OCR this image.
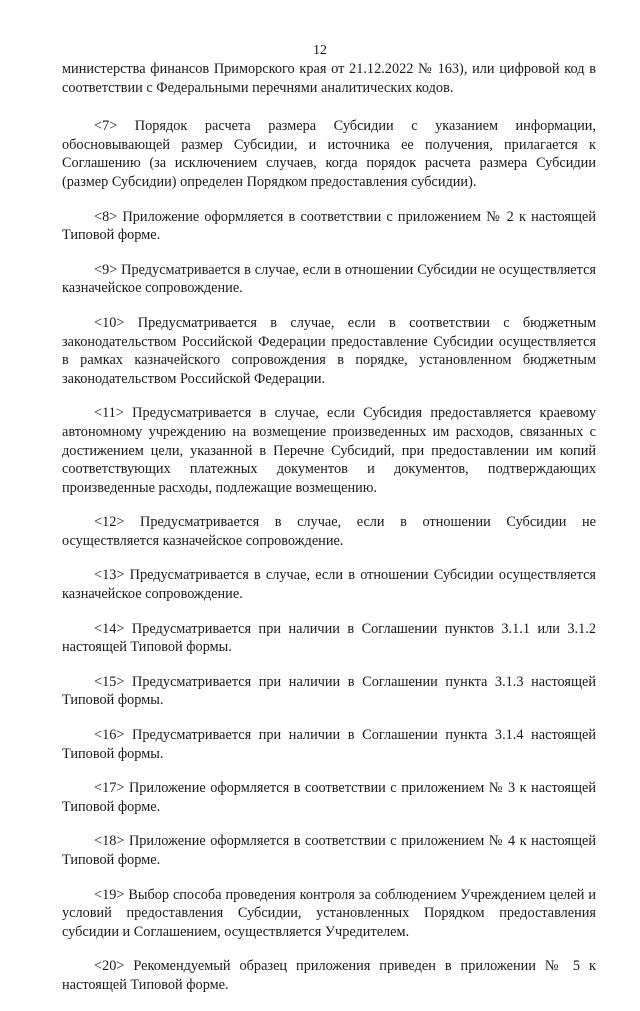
12

министерства финансов Приморского края от 21.12.2022 № 163), или цифровой код в соответствии с Федеральными перечнями аналитических кодов.

<7> Порядок расчета размера Субсидии с указанием информации, обосновывающей размер Субсидии, и источника ее получения, прилагается к Соглашению (за исключением случаев, когда порядок расчета размера Субсидии (размер Субсидии) определен Порядком предоставления субсидии).

<8> Приложение оформляется в соответствии с приложением № 2 к настоящей Типовой форме.

<9> Предусматривается в случае, если в отношении Субсидии не осуществляется казначейское сопровождение.

<10> Предусматривается в случае, если в соответствии с бюджетным законодательством Российской Федерации предоставление Субсидии осуществляется в рамках казначейского сопровождения в порядке, установленном бюджетным законодательством Российской Федерации.

<11> Предусматривается в случае, если Субсидия предоставляется краевому автономному учреждению на возмещение произведенных им расходов, связанных с достижением цели, указанной в Перечне Субсидий, при предоставлении им копий соответствующих платежных документов и документов, подтверждающих произведенные расходы, подлежащие возмещению.

<12> Предусматривается в случае, если в отношении Субсидии не осуществляется казначейское сопровождение.

<13> Предусматривается в случае, если в отношении Субсидии осуществляется казначейское сопровождение.

<14> Предусматривается при наличии в Соглашении пунктов 3.1.1 или 3.1.2 настоящей Типовой формы.

<15> Предусматривается при наличии в Соглашении пункта 3.1.3 настоящей Типовой формы.

<16> Предусматривается при наличии в Соглашении пункта 3.1.4 настоящей Типовой формы.

<17> Приложение оформляется в соответствии с приложением № 3 к настоящей Типовой форме.

<18> Приложение оформляется в соответствии с приложением № 4 к настоящей Типовой форме.

<19> Выбор способа проведения контроля за соблюдением Учреждением целей и условий предоставления Субсидии, установленных Порядком предоставления субсидии и Соглашением, осуществляется Учредителем.

<20> Рекомендуемый образец приложения приведен в приложении № 5 к настоящей Типовой форме.
